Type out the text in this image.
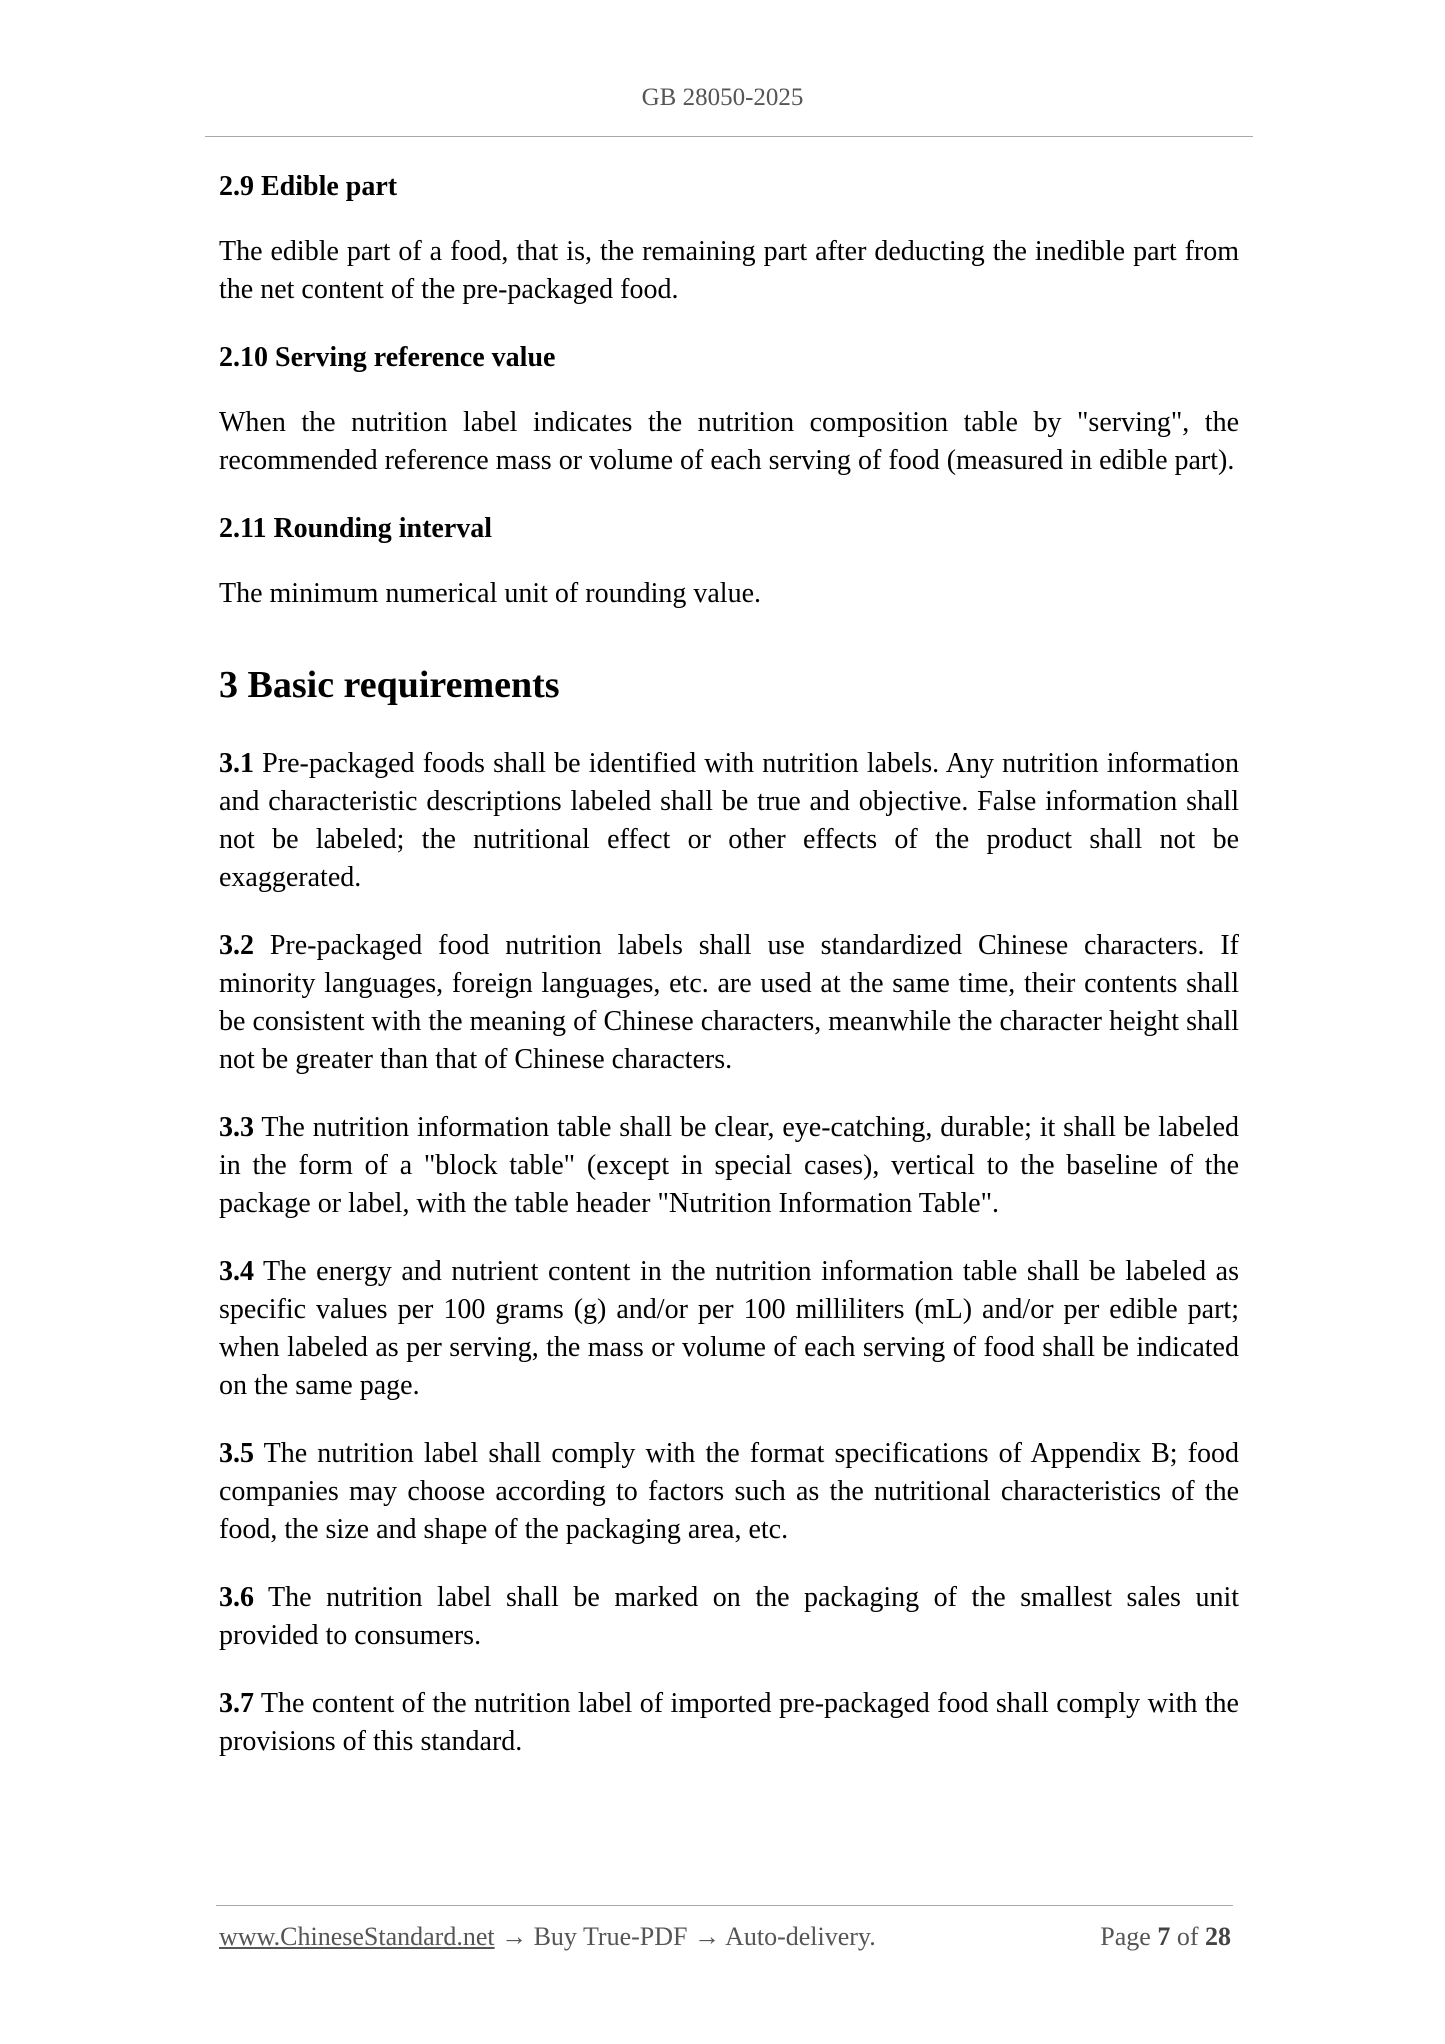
GB 28050-2025
2.9 Edible part

The edible part of a food, that is, the remaining part after deducting the inedible part from the net content of the pre-packaged food.

2.10 Serving reference value

When the nutrition label indicates the nutrition composition table by "serving", the recommended reference mass or volume of each serving of food (measured in edible part).

2.11 Rounding interval

The minimum numerical unit of rounding value.

3 Basic requirements

3.1 Pre-packaged foods shall be identified with nutrition labels. Any nutrition information and characteristic descriptions labeled shall be true and objective. False information shall not be labeled; the nutritional effect or other effects of the product shall not be exaggerated.

3.2 Pre-packaged food nutrition labels shall use standardized Chinese characters. If minority languages, foreign languages, etc. are used at the same time, their contents shall be consistent with the meaning of Chinese characters, meanwhile the character height shall not be greater than that of Chinese characters.

3.3 The nutrition information table shall be clear, eye-catching, durable; it shall be labeled in the form of a "block table" (except in special cases), vertical to the baseline of the package or label, with the table header "Nutrition Information Table".

3.4 The energy and nutrient content in the nutrition information table shall be labeled as specific values per 100 grams (g) and/or per 100 milliliters (mL) and/or per edible part; when labeled as per serving, the mass or volume of each serving of food shall be indicated on the same page.

3.5 The nutrition label shall comply with the format specifications of Appendix B; food companies may choose according to factors such as the nutritional characteristics of the food, the size and shape of the packaging area, etc.

3.6 The nutrition label shall be marked on the packaging of the smallest sales unit provided to consumers.

3.7 The content of the nutrition label of imported pre-packaged food shall comply with the provisions of this standard.

www.ChineseStandard.net → Buy True-PDF → Auto-delivery.	Page 7 of 28
